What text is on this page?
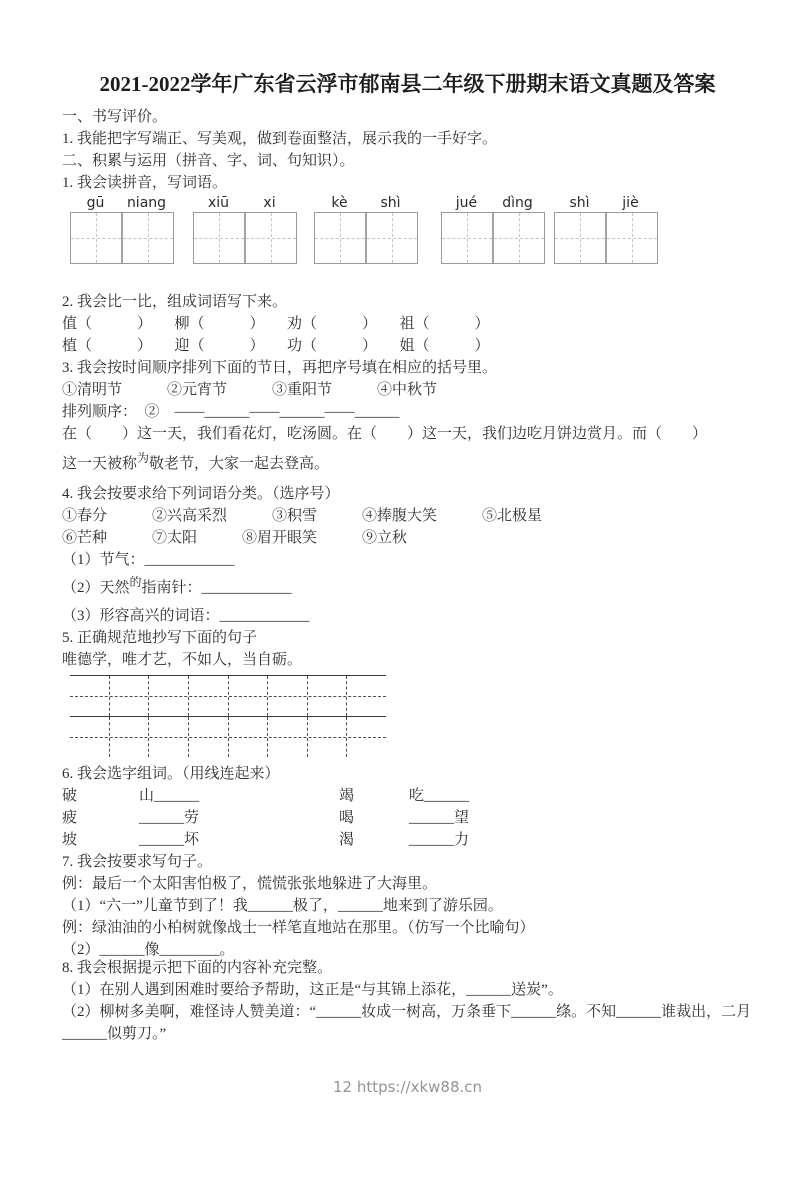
2021-2022学年广东省云浮市郁南县二年级下册期末语文真题及答案
一、书写评价。
1. 我能把字写端正、写美观，做到卷面整洁，展示我的一手好字。
二、积累与运用（拼音、字、词、句知识）。
1. 我会读拼音，写词语。
gū	niang	xiū	xi	kè	shì	jué	dìng	shì	jiè
2. 我会比一比，组成词语写下来。
值（　　　）　　柳（　　　）　　劝（　　　）　　祖（　　　）
植（　　　）　　迎（　　　）　　功（　　　）　　姐（　　　）
3. 我会按时间顺序排列下面的节日，再把序号填在相应的括号里。
①清明节　　　②元宵节　　　③重阳节　　　④中秋节
排列顺序：　②　——______——______——______
在（　　）这一天，我们看花灯，吃汤圆。在（　　）这一天，我们边吃月饼边赏月。而（　　）
这一天被称$^为$敬老节，大家一起去登高。
4. 我会按要求给下列词语分类。（选序号）
①春分　　　②兴高采烈　　　③积雪　　　④捧腹大笑　　　⑤北极星
⑥芒种　　　⑦太阳　　　⑧眉开眼笑　　　⑨立秋
（1）节气：____________
（2）天然$^的$指南针：____________
（3）形容高兴的词语：____________
5. 正确规范地抄写下面的句子
唯德学，唯才艺，不如人，当自砺。
6. 我会选字组词。（用线连起来）
破	山______	竭	吃______
疲	______劳	喝	______望
坡	______坏	渴	______力
7. 我会按要求写句子。
例：最后一个太阳害怕极了，慌慌张张地躲进了大海里。
（1）“六一”儿童节到了！我______极了，______地来到了游乐园。
例：绿油油的小柏树就像战士一样笔直地站在那里。（仿写一个比喻句）
（2）______像________。
8. 我会根据提示把下面的内容补充完整。
（1）在别人遇到困难时要给予帮助，这正是“与其锦上添花，______送炭”。
（2）柳树多美啊，难怪诗人赞美道：“______妆成一树高，万条垂下______绦。不知______谁裁出，二月
______似剪刀。”
12 https://xkw88.cn
